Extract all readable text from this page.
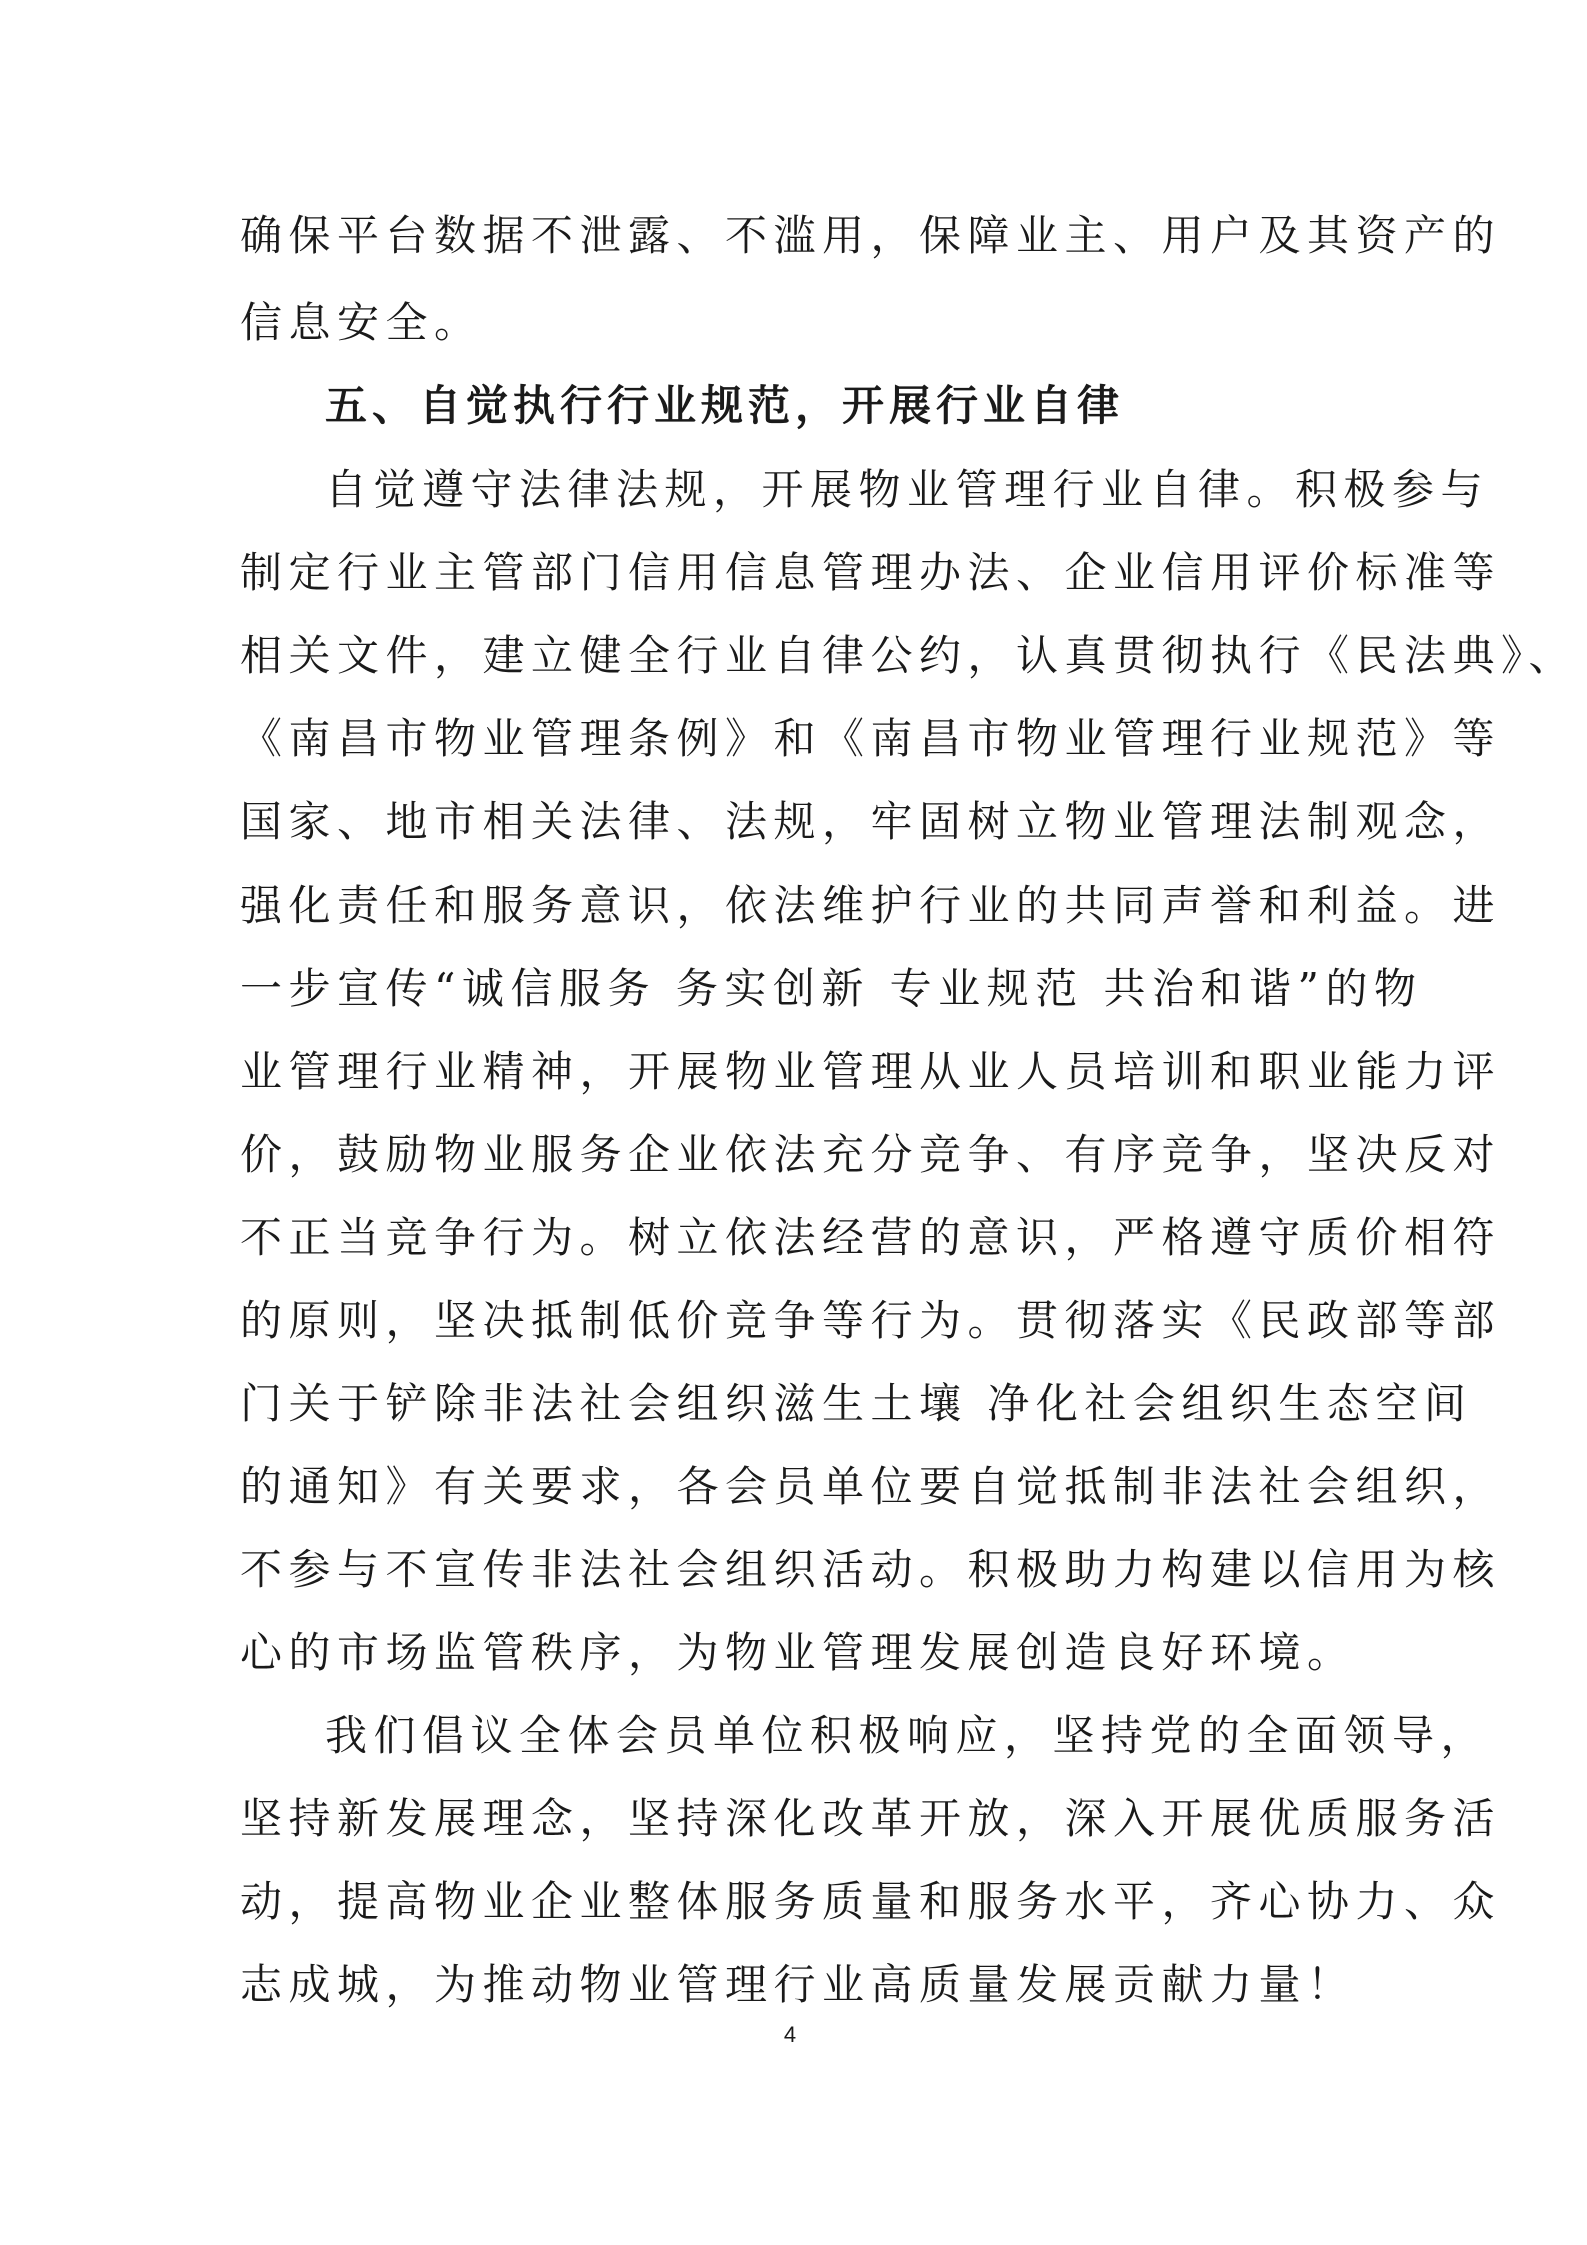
确保平台数据不泄露、不滥用，保障业主、用户及其资产的
信息安全。
五、自觉执行行业规范，开展行业自律
自觉遵守法律法规，开展物业管理行业自律。积极参与
制定行业主管部门信用信息管理办法、企业信用评价标准等
相关文件，建立健全行业自律公约，认真贯彻执行《民法典》、
《南昌市物业管理条例》和《南昌市物业管理行业规范》等
国家、地市相关法律、法规，牢固树立物业管理法制观念，
强化责任和服务意识，依法维护行业的共同声誉和利益。进
一步宣传“诚信服务 务实创新 专业规范 共治和谐”的物
业管理行业精神，开展物业管理从业人员培训和职业能力评
价，鼓励物业服务企业依法充分竞争、有序竞争，坚决反对
不正当竞争行为。树立依法经营的意识，严格遵守质价相符
的原则，坚决抵制低价竞争等行为。贯彻落实《民政部等部
门关于铲除非法社会组织滋生土壤 净化社会组织生态空间
的通知》有关要求，各会员单位要自觉抵制非法社会组织，
不参与不宣传非法社会组织活动。积极助力构建以信用为核
心的市场监管秩序，为物业管理发展创造良好环境。
我们倡议全体会员单位积极响应，坚持党的全面领导，
坚持新发展理念，坚持深化改革开放，深入开展优质服务活
动，提高物业企业整体服务质量和服务水平，齐心协力、众
志成城，为推动物业管理行业高质量发展贡献力量！
4
